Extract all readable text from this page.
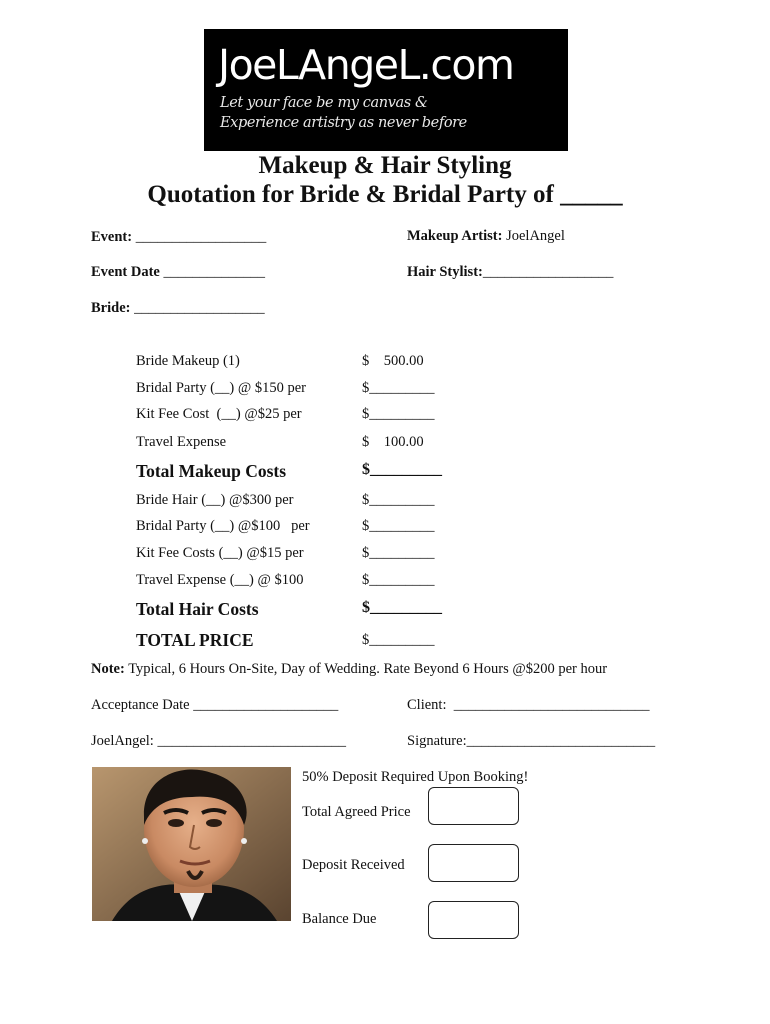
JoeLAngeL.com
Let your face be my canvas &
Experience artistry as never before
Makeup & Hair Styling
Quotation for Bride & Bridal Party of _____
Event: __________________	Makeup Artist: JoelAngel
Event Date ______________	Hair Stylist:__________________
Bride: __________________
Bride Makeup (1)	$    500.00
Bridal Party (__) @ $150 per	$_________
Kit Fee Cost  (__) @$25 per	$_________
Travel Expense	$    100.00
Total Makeup Costs	$_________
Bride Hair (__) @$300 per	$_________
Bridal Party (__) @$100   per	$_________
Kit Fee Costs (__) @$15 per	$_________
Travel Expense (__) @ $100	$_________
Total Hair Costs	$_________
TOTAL PRICE	$_________
Note: Typical, 6 Hours On-Site, Day of Wedding. Rate Beyond 6 Hours @$200 per hour
Acceptance Date ____________________	Client:  ___________________________
JoelAngel: __________________________	Signature:__________________________
50% Deposit Required Upon Booking!
Total Agreed Price
Deposit Received
Balance Due
